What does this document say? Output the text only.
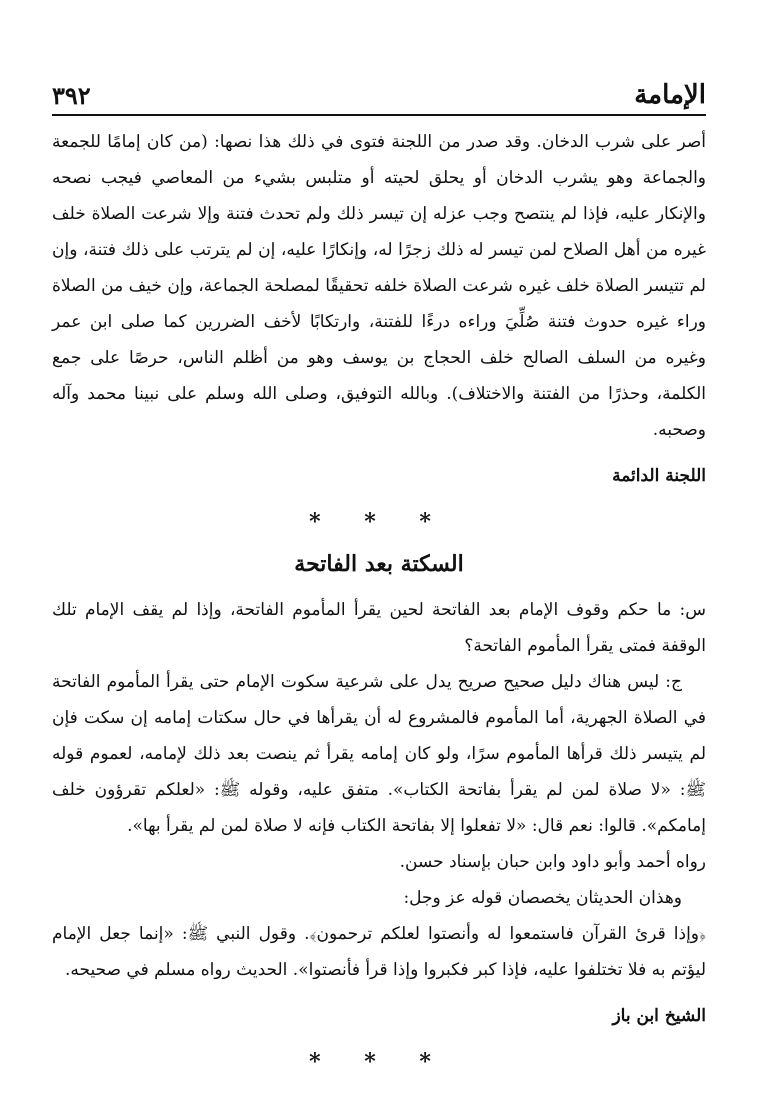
الإمامة
٣٩٢

أصر على شرب الدخان. وقد صدر من اللجنة فتوى في ذلك هذا نصها: (من كان إمامًا للجمعة والجماعة وهو يشرب الدخان أو يحلق لحيته أو متلبس بشيء من المعاصي فيجب نصحه والإنكار عليه، فإذا لم ينتصح وجب عزله إن تيسر ذلك ولم تحدث فتنة وإلا شرعت الصلاة خلف غيره من أهل الصلاح لمن تيسر له ذلك زجرًا له، وإنكارًا عليه، إن لم يترتب على ذلك فتنة، وإن لم تتيسر الصلاة خلف غيره شرعت الصلاة خلفه تحقيقًا لمصلحة الجماعة، وإن خيف من الصلاة وراء غيره حدوث فتنة صُلِّيَ وراءه درءًا للفتنة، وارتكابًا لأخف الضررين كما صلى ابن عمر وغيره من السلف الصالح خلف الحجاج بن يوسف وهو من أظلم الناس، حرصًا على جمع الكلمة، وحذرًا من الفتنة والاختلاف). وبالله التوفيق، وصلى الله وسلم على نبينا محمد وآله وصحبه.

اللجنة الدائمة
* * *
السكتة بعد الفاتحة

س: ما حكم وقوف الإمام بعد الفاتحة لحين يقرأ المأموم الفاتحة، وإذا لم يقف الإمام تلك الوقفة فمتى يقرأ المأموم الفاتحة؟

ج: ليس هناك دليل صحيح صريح يدل على شرعية سكوت الإمام حتى يقرأ المأموم الفاتحة في الصلاة الجهرية، أما المأموم فالمشروع له أن يقرأها في حال سكتات إمامه إن سكت فإن لم يتيسر ذلك قرأها المأموم سرًا، ولو كان إمامه يقرأ ثم ينصت بعد ذلك لإمامه، لعموم قوله ﷺ: «لا صلاة لمن لم يقرأ بفاتحة الكتاب». متفق عليه، وقوله ﷺ: «لعلكم تقرؤون خلف إمامكم». قالوا: نعم قال: «لا تفعلوا إلا بفاتحة الكتاب فإنه لا صلاة لمن لم يقرأ بها».

رواه أحمد وأبو داود وابن حبان بإسناد حسن.

وهذان الحديثان يخصصان قوله عز وجل:

﴿وإذا قرئ القرآن فاستمعوا له وأنصتوا لعلكم ترحمون﴾. وقول النبي ﷺ: «إنما جعل الإمام ليؤتم به فلا تختلفوا عليه، فإذا كبر فكبروا وإذا قرأ فأنصتوا». الحديث رواه مسلم في صحيحه.

الشيخ ابن باز
* * *
